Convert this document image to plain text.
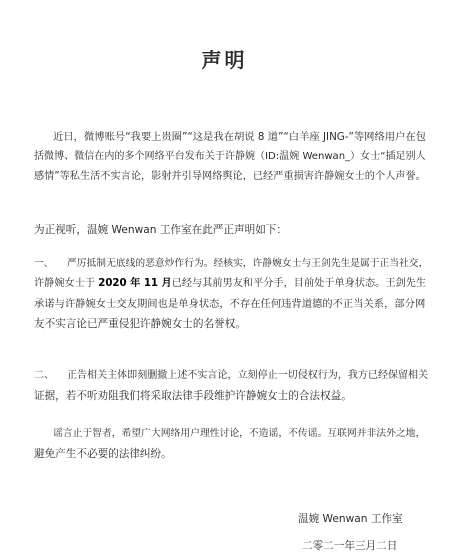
声明
近日，微博账号“我要上贵圈”“这是我在胡说 8 道”“白羊座 JING-”等网络用户在包
括微博、微信在内的多个网络平台发布关于许静婉（ID:温婉 Wenwan_）女士“插足别人
感情”等私生活不实言论，影射并引导网络舆论，已经严重损害许静婉女士的个人声誉。
为正视听，温婉 Wenwan 工作室在此严正声明如下：
一、 严厉抵制无底线的恶意炒作行为。经核实，许静婉女士与王剑先生是属于正当社交，
许静婉女士于 2020 年 11 月已经与其前男友和平分手，目前处于单身状态。王剑先生
承诺与许静婉女士交友期间也是单身状态，不存在任何违背道德的不正当关系，部分网
友不实言论已严重侵犯许静婉女士的名誉权。
二、 正告相关主体即刻删撤上述不实言论，立刻停止一切侵权行为，我方已经保留相关
证据，若不听劝阻我们将采取法律手段维护许静婉女士的合法权益。
谣言止于智者，希望广大网络用户理性讨论，不造谣，不传谣。互联网并非法外之地，
避免产生不必要的法律纠纷。
温婉 Wenwan 工作室
二零二一年三月二日
